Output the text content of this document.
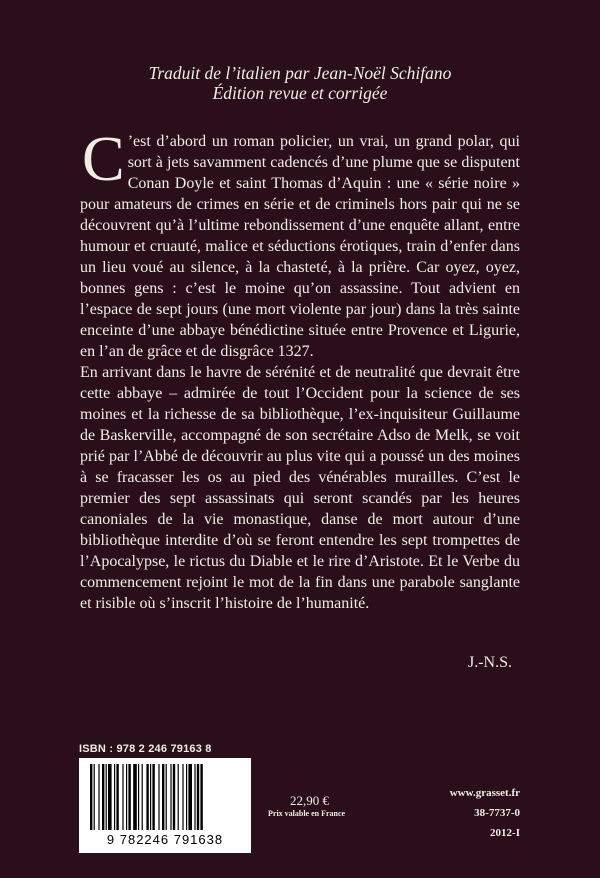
Traduit de l’italien par Jean-Noël Schifano
Édition revue et corrigée

C ’est d’abord un roman policier, un vrai, un grand polar, qui sort à jets savamment cadencés d’une plume que se disputent Conan Doyle et saint Thomas d’Aquin : une « série noire » pour amateurs de crimes en série et de criminels hors pair qui ne se découvrent qu’à l’ultime rebondissement d’une enquête allant, entre humour et cruauté, malice et séductions érotiques, train d’enfer dans un lieu voué au silence, à la chasteté, à la prière. Car oyez, oyez, bonnes gens : c’est le moine qu’on assassine. Tout advient en l’espace de sept jours (une mort violente par jour) dans la très sainte enceinte d’une abbaye bénédictine située entre Provence et Ligurie, en l’an de grâce et de disgrâce 1327.

En arrivant dans le havre de sérénité et de neutralité que devrait être cette abbaye – admirée de tout l’Occident pour la science de ses moines et la richesse de sa bibliothèque, l’ex-inquisiteur Guillaume de Baskerville, accompagné de son secrétaire Adso de Melk, se voit prié par l’Abbé de découvrir au plus vite qui a poussé un des moines à se fracasser les os au pied des vénérables murailles. C’est le premier des sept assassinats qui seront scandés par les heures canoniales de la vie monastique, danse de mort autour d’une bibliothèque interdite d’où se feront entendre les sept trompettes de l’Apocalypse, le rictus du Diable et le rire d’Aristote. Et le Verbe du commencement rejoint le mot de la fin dans une parabole sanglante et risible où s’inscrit l’histoire de l’humanité.

J.-N.S.
ISBN : 978 2 246 79163 8
9 782246 791638
22,90 €
Prix valable en France
www.grasset.fr
38-7737-0
2012-I
